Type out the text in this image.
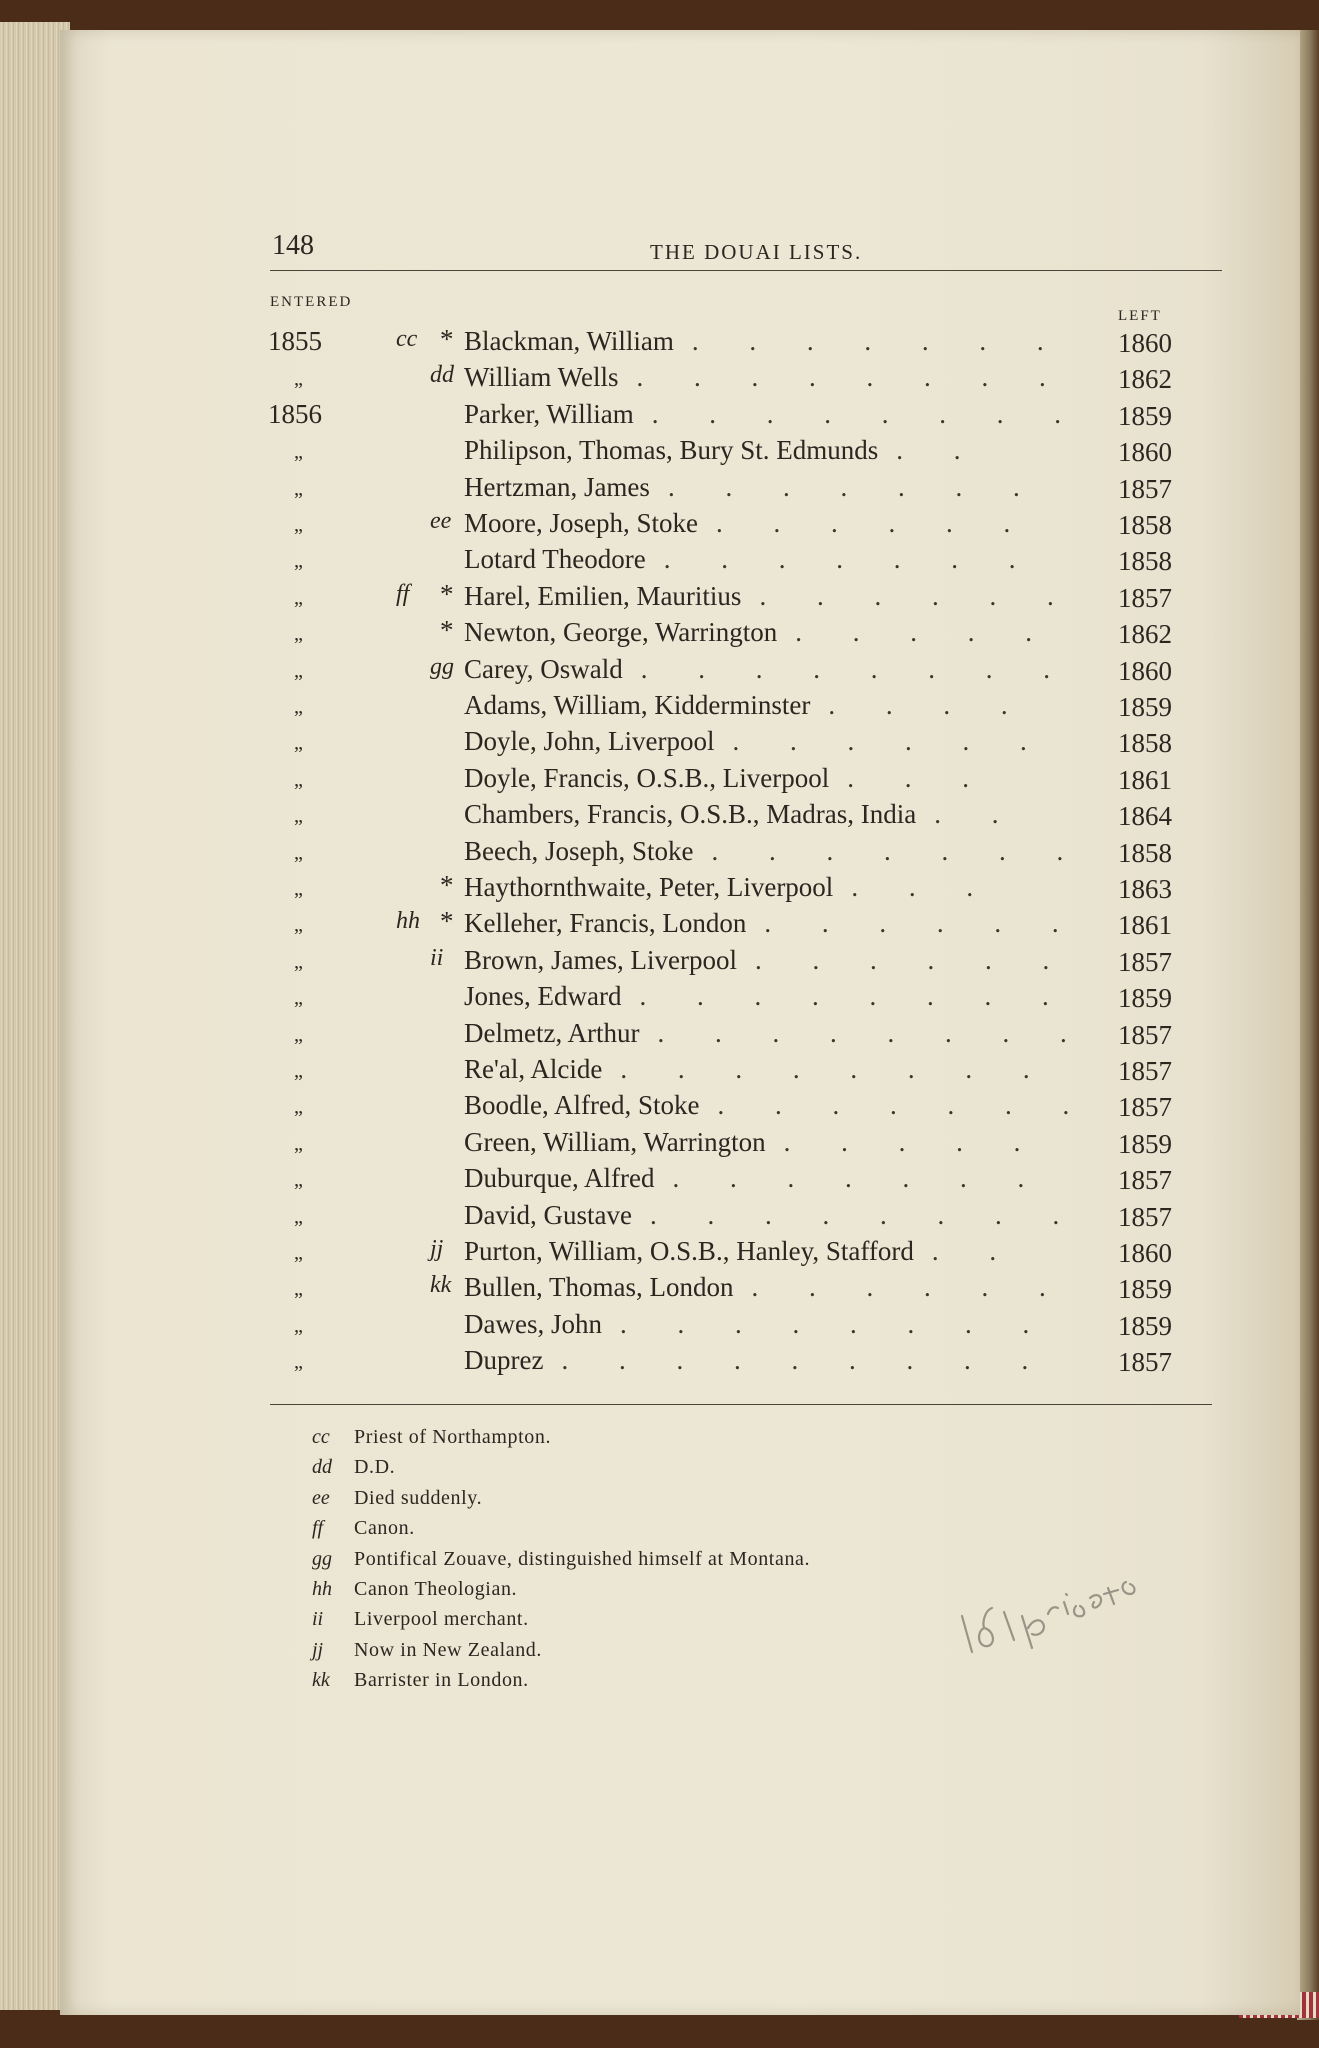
148	THE DOUAI LISTS.
ENTERED
LEFT
1855	cc * Blackman, William . . . . . . .	1860
„	dd William Wells . . . . . . . .	1862
1856	Parker, William . . . . . . . .	1859
„	Philipson, Thomas, Bury St. Edmunds . .	1860
„	Hertzman, James . . . . . . .	1857
„	ee Moore, Joseph, Stoke . . . . . .	1858
„	Lotard Theodore . . . . . . .	1858
„	ff * Harel, Emilien, Mauritius . . . . . .	1857
„	* Newton, George, Warrington . . . . .	1862
„	gg Carey, Oswald . . . . . . . .	1860
„	Adams, William, Kidderminster . . . .	1859
„	Doyle, John, Liverpool . . . . . .	1858
„	Doyle, Francis, O.S.B., Liverpool . . .	1861
„	Chambers, Francis, O.S.B., Madras, India . .	1864
„	Beech, Joseph, Stoke . . . . . . .	1858
„	* Haythornthwaite, Peter, Liverpool . . .	1863
„	hh * Kelleher, Francis, London . . . . . .	1861
„	ii Brown, James, Liverpool . . . . . .	1857
„	Jones, Edward . . . . . . . .	1859
„	Delmetz, Arthur . . . . . . . .	1857
„	Re'al, Alcide . . . . . . . .	1857
„	Boodle, Alfred, Stoke . . . . . . . 1857
„	Green, William, Warrington . . . . .	1859
„	Duburque, Alfred . . . . . . .	1857
„	David, Gustave . . . . . . . .	1857
„	jj Purton, William, O.S.B., Hanley, Stafford . .	1860
„	kk Bullen, Thomas, London . . . . . .	1859
„	Dawes, John . . . . . . . .	1859
„	Duprez . . . . . . . . .	1857
cc	Priest of Northampton.
dd	D.D.
ee	Died suddenly.
ff	Canon.
gg	Pontifical Zouave, distinguished himself at Montana.
hh	Canon Theologian.
ii	Liverpool merchant.
jj	Now in New Zealand.
kk	Barrister in London.
